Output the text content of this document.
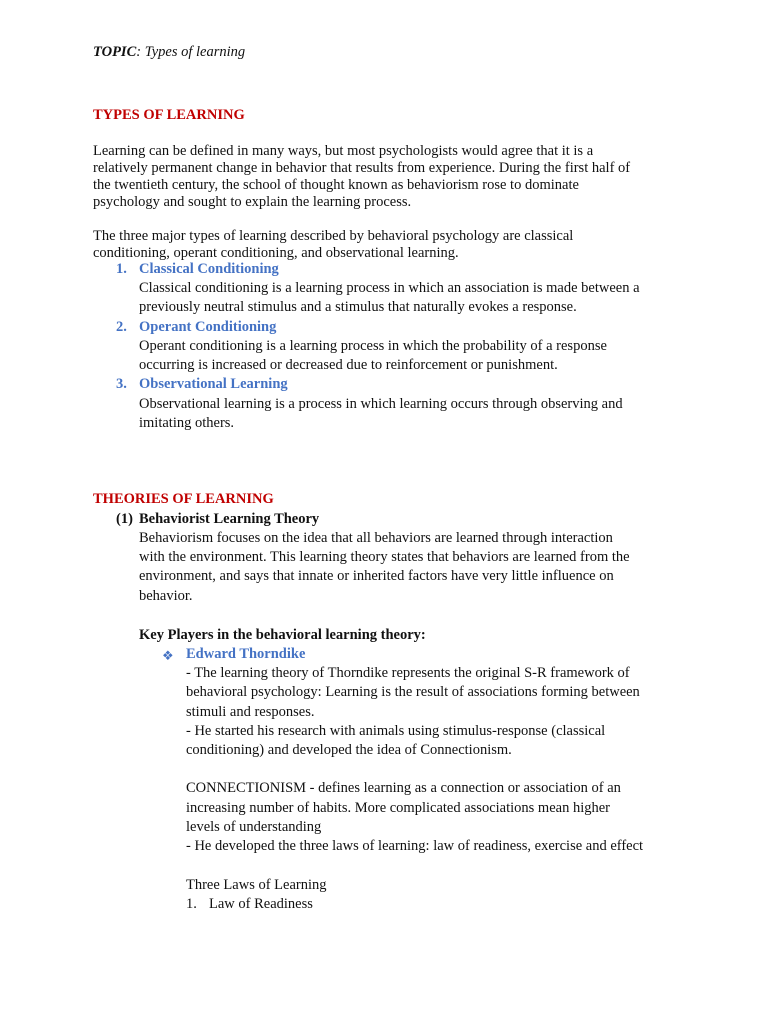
TOPIC: Types of learning
TYPES OF LEARNING
Learning can be defined in many ways, but most psychologists would agree that it is a
relatively permanent change in behavior that results from experience. During the first half of
the twentieth century, the school of thought known as behaviorism rose to dominate
psychology and sought to explain the learning process.
The three major types of learning described by behavioral psychology are classical
conditioning, operant conditioning, and observational learning.
1. Classical Conditioning
Classical conditioning is a learning process in which an association is made between a
previously neutral stimulus and a stimulus that naturally evokes a response.
2. Operant Conditioning
Operant conditioning is a learning process in which the probability of a response
occurring is increased or decreased due to reinforcement or punishment.
3. Observational Learning
Observational learning is a process in which learning occurs through observing and
imitating others.
THEORIES OF LEARNING
(1) Behaviorist Learning Theory
Behaviorism focuses on the idea that all behaviors are learned through interaction
with the environment. This learning theory states that behaviors are learned from the
environment, and says that innate or inherited factors have very little influence on
behavior.
Key Players in the behavioral learning theory:
❖ Edward Thorndike
- The learning theory of Thorndike represents the original S-R framework of
behavioral psychology: Learning is the result of associations forming between
stimuli and responses.
- He started his research with animals using stimulus-response (classical
conditioning) and developed the idea of Connectionism.
CONNECTIONISM - defines learning as a connection or association of an
increasing number of habits. More complicated associations mean higher
levels of understanding
- He developed the three laws of learning: law of readiness, exercise and effect
Three Laws of Learning
1. Law of Readiness
